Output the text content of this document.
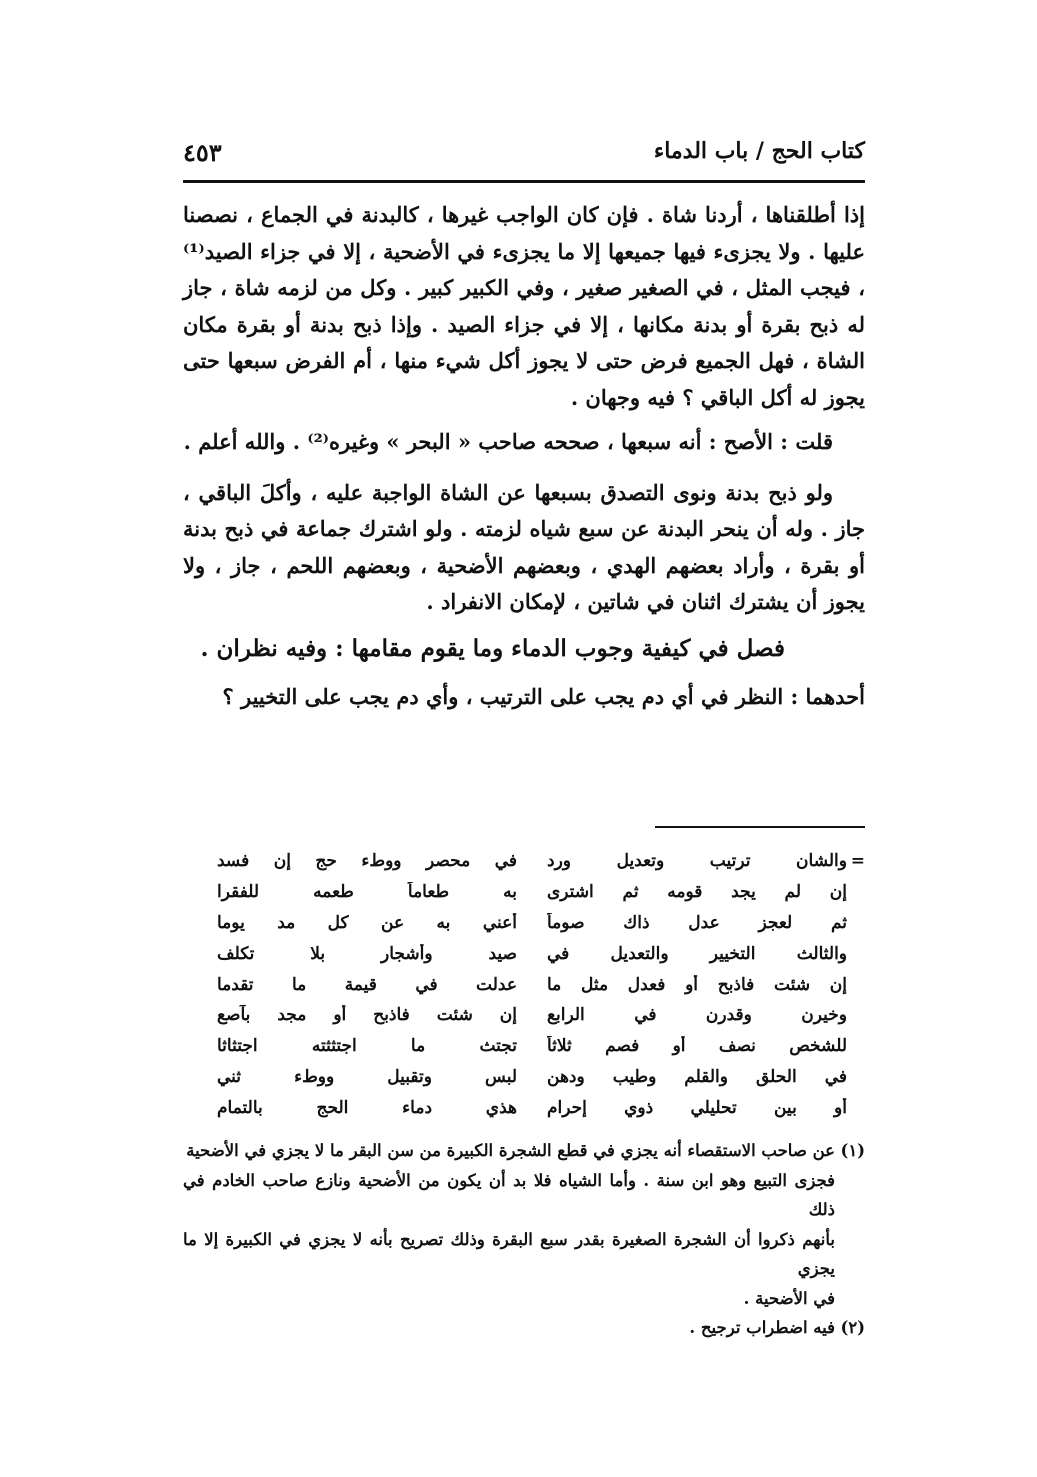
٤٥٣	كتاب الحج / باب الدماء

إذا أطلقناها ، أردنا شاة . فإن كان الواجب غيرها ، كالبدنة في الجماع ، نصصنا عليها . ولا يجزىء فيها جميعها إلا ما يجزىء في الأضحية ، إلا في جزاء الصيد⁽¹⁾ ، فيجب المثل ، في الصغير صغير ، وفي الكبير كبير . وكل من لزمه شاة ، جاز له ذبح بقرة أو بدنة مكانها ، إلا في جزاء الصيد . وإذا ذبح بدنة أو بقرة مكان الشاة ، فهل الجميع فرض حتى لا يجوز أكل شيء منها ، أم الفرض سبعها حتى يجوز له أكل الباقي ؟ فيه وجهان .

قلت : الأصح : أنه سبعها ، صححه صاحب « البحر » وغيره⁽²⁾ . والله أعلم .

ولو ذبح بدنة ونوى التصدق بسبعها عن الشاة الواجبة عليه ، وأكلَ الباقي ، جاز . وله أن ينحر البدنة عن سبع شياه لزمته . ولو اشترك جماعة في ذبح بدنة أو بقرة ، وأراد بعضهم الهدي ، وبعضهم الأضحية ، وبعضهم اللحم ، جاز ، ولا يجوز أن يشترك اثنان في شاتين ، لإمكان الانفراد .

فصل في كيفية وجوب الدماء وما يقوم مقامها : وفيه نظران .

أحدهما : النظر في أي دم يجب على الترتيب ، وأي دم يجب على التخيير ؟

=
والشان ترتيب وتعديل ورد
في محصر ووطء حج إن فسد
إن لم يجد قومه ثم اشترى
به طعاماً طعمه للفقرا
ثم لعجز عدل ذاك صوماً
أعني به عن كل مد يوما
والثالث التخيير والتعديل في
صيد وأشجار بلا تكلف
إن شئت فاذبح أو فعدل مثل ما
عدلت في قيمة ما تقدما
وخيرن وقدرن في الرابع
إن شئت فاذبح أو مجد بآصع
للشخص نصف أو فصم ثلاثاً
تجتث ما اجتثثته اجتثاثا
في الحلق والقلم وطيب ودهن
لبس وتقبيل ووطء ثني
أو بين تحليلي ذوي إحرام
هذي دماء الحج بالتمام

(١)عن صاحب الاستقصاء أنه يجزي في قطع الشجرة الكبيرة من سن البقر ما لا يجزي في الأضحية

فجزى التبيع وهو ابن سنة . وأما الشياه فلا بد أن يكون من الأضحية ونازع صاحب الخادم في ذلك

بأنهم ذكروا أن الشجرة الصغيرة بقدر سبع البقرة وذلك تصريح بأنه لا يجزي في الكبيرة إلا ما يجزي

في الأضحية .

(٢)فيه اضطراب ترجيح .
